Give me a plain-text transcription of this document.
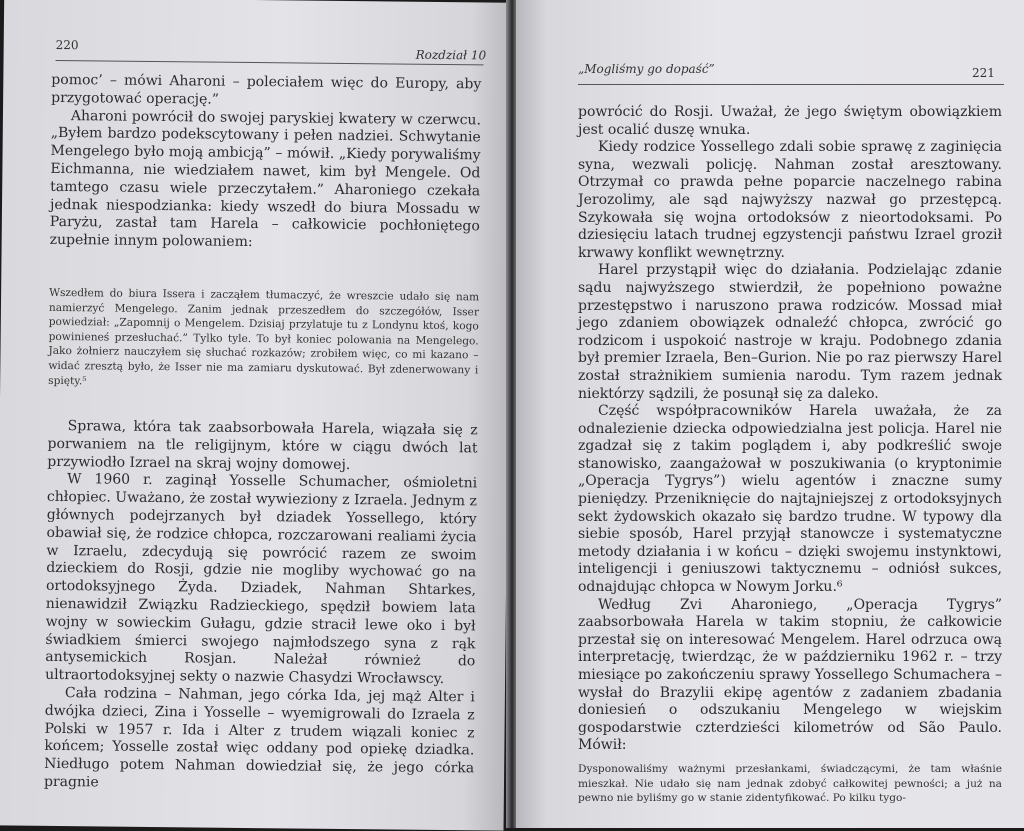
220
Rozdział 10

pomoc’ – mówi Aharoni – poleciałem więc do Europy, aby przygotować operację.”

Aharoni powrócił do swojej paryskiej kwatery w czerwcu. „Byłem bardzo podekscytowany i pełen nadziei. Schwytanie Mengelego było moją ambicją” – mówił. „Kiedy porywaliśmy Eichmanna, nie wiedziałem nawet, kim był Mengele. Od tamtego czasu wiele przeczytałem.” Aharoniego czekała jednak niespodzianka: kiedy wszedł do biura Mossadu w Paryżu, zastał tam Harela – całkowicie pochłoniętego zupełnie innym polowaniem:

Wszedłem do biura Issera i zacząłem tłumaczyć, że wreszcie udało się nam namierzyć Mengelego. Zanim jednak przeszedłem do szczegółów, Isser powiedział: „Zapomnij o Mengelem. Dzisiaj przylatuje tu z Londynu ktoś, kogo powinieneś przesłuchać.” Tylko tyle. To był koniec polowania na Mengelego. Jako żołnierz nauczyłem się słuchać rozkazów; zrobiłem więc, co mi kazano – widać zresztą było, że Isser nie ma zamiaru dyskutować. Był zdenerwowany i spięty.⁵

Sprawa, która tak zaabsorbowała Harela, wiązała się z porwaniem na tle religijnym, które w ciągu dwóch lat przywiodło Izrael na skraj wojny domowej.

W 1960 r. zaginął Yosselle Schumacher, ośmioletni chłopiec. Uważano, że został wywieziony z Izraela. Jednym z głównych podejrzanych był dziadek Yossellego, który obawiał się, że rodzice chłopca, rozczarowani realiami życia w Izraelu, zdecydują się powrócić razem ze swoim dzieckiem do Rosji, gdzie nie mogliby wychować go na ortodoksyjnego Żyda. Dziadek, Nahman Shtarkes, nienawidził Związku Radzieckiego, spędził bowiem lata wojny w sowieckim Gułagu, gdzie stracił lewe oko i był świadkiem śmierci swojego najmłodszego syna z rąk antysemickich Rosjan. Należał również do ultraortodoksyjnej sekty o nazwie Chasydzi Wrocławscy.

Cała rodzina – Nahman, jego córka Ida, jej mąż Alter i dwójka dzieci, Zina i Yosselle – wyemigrowali do Izraela z Polski w 1957 r. Ida i Alter z trudem wiązali koniec z końcem; Yosselle został więc oddany pod opiekę dziadka. Niedługo potem Nahman dowiedział się, że jego córka pragnie

„Mogliśmy go dopaść”	221

powrócić do Rosji. Uważał, że jego świętym obowiązkiem jest ocalić duszę wnuka.

Kiedy rodzice Yossellego zdali sobie sprawę z zaginięcia syna, wezwali policję. Nahman został aresztowany. Otrzymał co prawda pełne poparcie naczelnego rabina Jerozolimy, ale sąd najwyższy nazwał go przestępcą. Szykowała się wojna ortodoksów z nieortodoksami. Po dziesięciu latach trudnej egzystencji państwu Izrael groził krwawy konflikt wewnętrzny.

Harel przystąpił więc do działania. Podzielając zdanie sądu najwyższego stwierdził, że popełniono poważne przestępstwo i naruszono prawa rodziców. Mossad miał jego zdaniem obowiązek odnaleźć chłopca, zwrócić go rodzicom i uspokoić nastroje w kraju. Podobnego zdania był premier Izraela, Ben–Gurion. Nie po raz pierwszy Harel został strażnikiem sumienia narodu. Tym razem jednak niektórzy sądzili, że posunął się za daleko.

Część współpracowników Harela uważała, że za odnalezienie dziecka odpowiedzialna jest policja. Harel nie zgadzał się z takim poglądem i, aby podkreślić swoje stanowisko, zaangażował w poszukiwania (o kryptonimie „Operacja Tygrys”) wielu agentów i znaczne sumy pieniędzy. Przeniknięcie do najtajniejszej z ortodoksyjnych sekt żydowskich okazało się bardzo trudne. W typowy dla siebie sposób, Harel przyjął stanowcze i systematyczne metody działania i w końcu – dzięki swojemu instynktowi, inteligencji i geniuszowi taktycznemu – odniósł sukces, odnajdując chłopca w Nowym Jorku.⁶

Według Zvi Aharoniego, „Operacja Tygrys” zaabsorbowała Harela w takim stopniu, że całkowicie przestał się on interesować Mengelem. Harel odrzuca ową interpretację, twierdząc, że w październiku 1962 r. – trzy miesiące po zakończeniu sprawy Yossellego Schumachera – wysłał do Brazylii ekipę agentów z zadaniem zbadania doniesień o odszukaniu Mengelego w wiejskim gospodarstwie czterdzieści kilometrów od São Paulo. Mówił:

Dysponowaliśmy ważnymi przesłankami, świadczącymi, że tam właśnie mieszkał. Nie udało się nam jednak zdobyć całkowitej pewności; a już na pewno nie byliśmy go w stanie zidentyfikować. Po kilku tygo-
